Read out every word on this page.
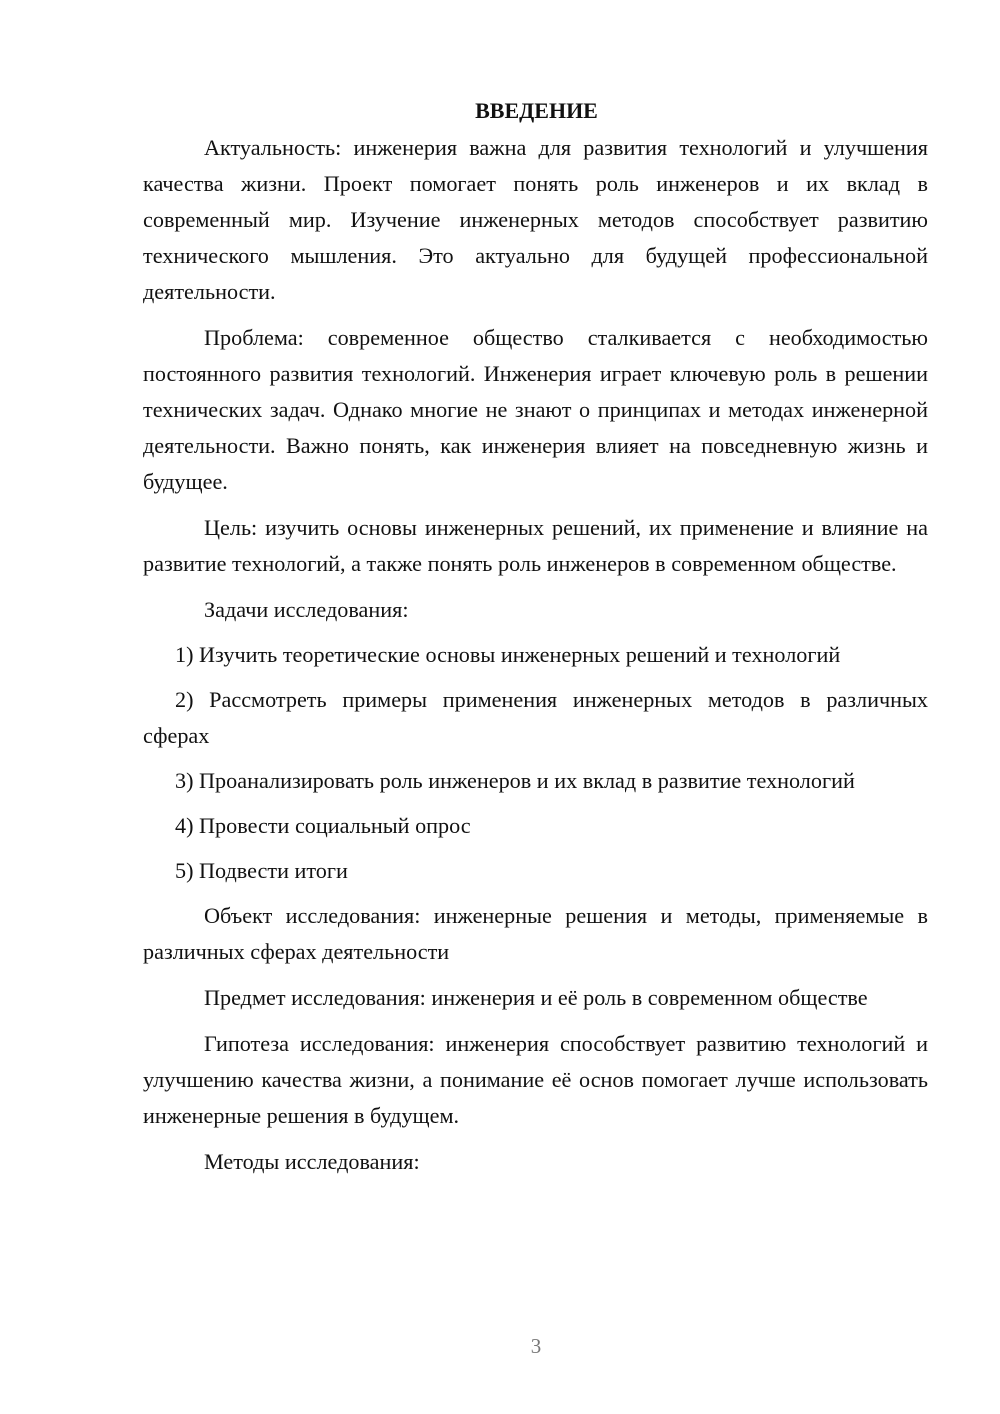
ВВЕДЕНИЕ

Актуальность: инженерия важна для развития технологий и улучшения качества жизни. Проект помогает понять роль инженеров и их вклад в современный мир. Изучение инженерных методов способствует развитию технического мышления. Это актуально для будущей профессиональной деятельности.

Проблема: современное общество сталкивается с необходимостью постоянного развития технологий. Инженерия играет ключевую роль в решении технических задач. Однако многие не знают о принципах и методах инженерной деятельности. Важно понять, как инженерия влияет на повседневную жизнь и будущее.

Цель: изучить основы инженерных решений, их применение и влияние на развитие технологий, а также понять роль инженеров в современном обществе.

Задачи исследования:

1) Изучить теоретические основы инженерных решений и технологий

2) Рассмотреть примеры применения инженерных методов в различных сферах

3) Проанализировать роль инженеров и их вклад в развитие технологий

4) Провести социальный опрос

5) Подвести итоги

Объект исследования: инженерные решения и методы, применяемые в различных сферах деятельности

Предмет исследования: инженерия и её роль в современном обществе

Гипотеза исследования: инженерия способствует развитию технологий и улучшению качества жизни, а понимание её основ помогает лучше использовать инженерные решения в будущем.

Методы исследования:

3
